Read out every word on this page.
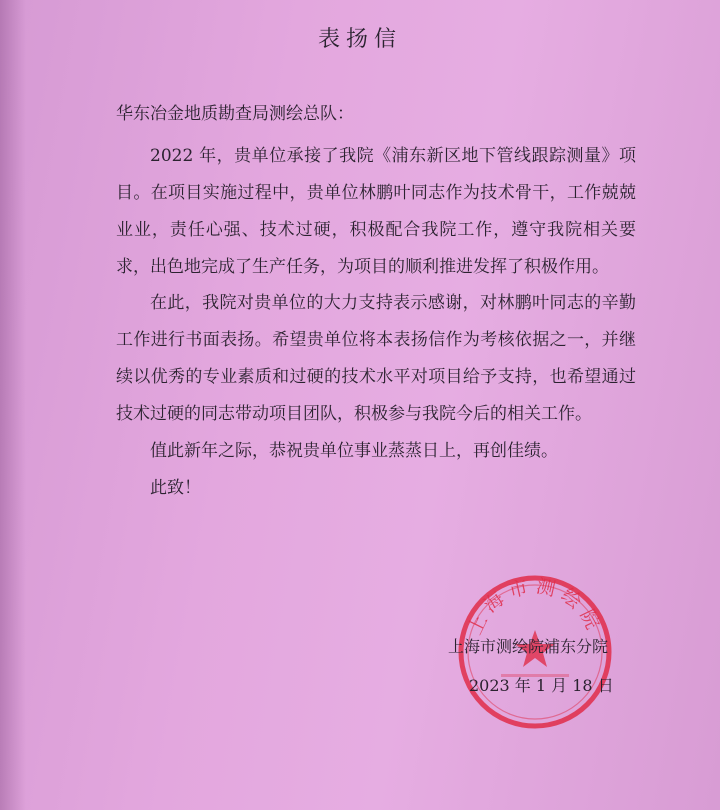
表扬信
华东冶金地质勘查局测绘总队：
2022 年，贵单位承接了我院《浦东新区地下管线跟踪测量》项目。在项目实施过程中，贵单位林鹏叶同志作为技术骨干，工作兢兢业业，责任心强、技术过硬，积极配合我院工作，遵守我院相关要求，出色地完成了生产任务，为项目的顺利推进发挥了积极作用。
在此，我院对贵单位的大力支持表示感谢，对林鹏叶同志的辛勤工作进行书面表扬。希望贵单位将本表扬信作为考核依据之一，并继续以优秀的专业素质和过硬的技术水平对项目给予支持，也希望通过技术过硬的同志带动项目团队，积极参与我院今后的相关工作。
值此新年之际，恭祝贵单位事业蒸蒸日上，再创佳绩。
此致！
上海市测绘院
上海市测绘院浦东分院
2023 年 1 月 18 日
